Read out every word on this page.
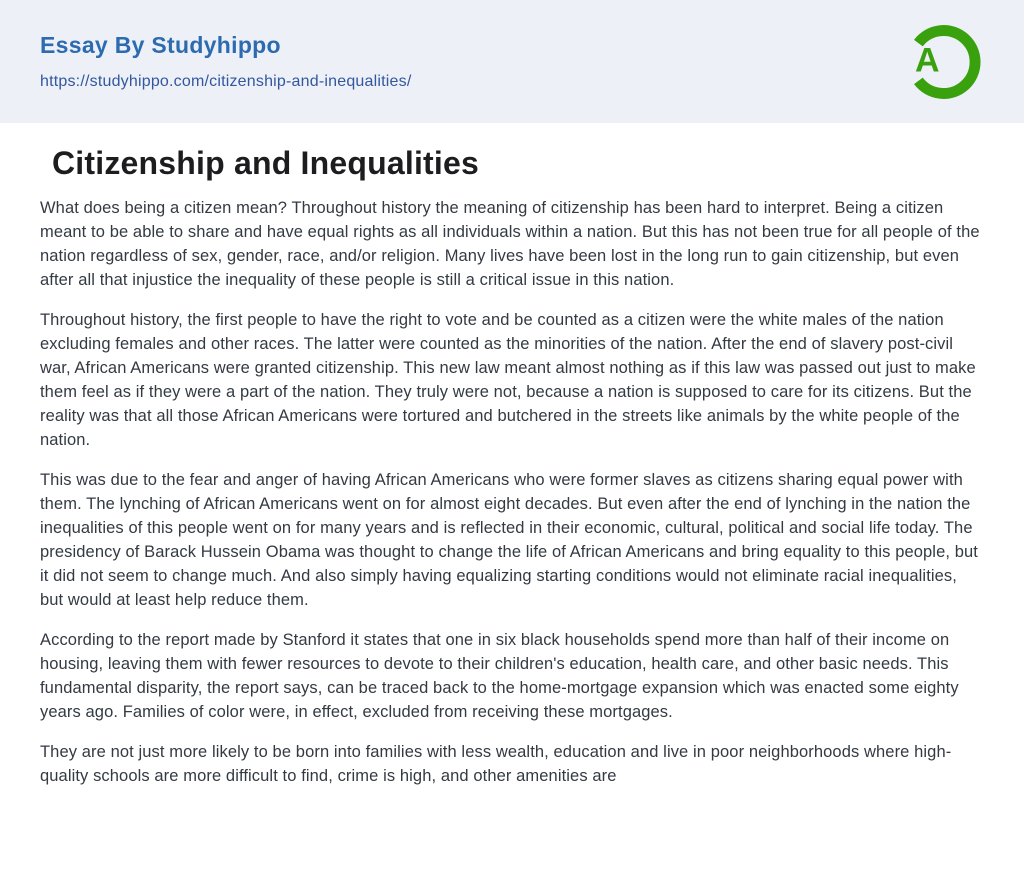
Essay By Studyhippo
https://studyhippo.com/citizenship-and-inequalities/
A
Citizenship and Inequalities

What does being a citizen mean? Throughout history the meaning of citizenship has been hard to interpret. Being a citizen meant to be able to share and have equal rights as all individuals within a nation. But this has not been true for all people of the nation regardless of sex, gender, race, and/or religion. Many lives have been lost in the long run to gain citizenship, but even after all that injustice the inequality of these people is still a critical issue in this nation.

Throughout history, the first people to have the right to vote and be counted as a citizen were the white males of the nation excluding females and other races. The latter were counted as the minorities of the nation. After the end of slavery post-civil war, African Americans were granted citizenship. This new law meant almost nothing as if this law was passed out just to make them feel as if they were a part of the nation. They truly were not, because a nation is supposed to care for its citizens. But the reality was that all those African Americans were tortured and butchered in the streets like animals by the white people of the nation.

This was due to the fear and anger of having African Americans who were former slaves as citizens sharing equal power with them. The lynching of African Americans went on for almost eight decades. But even after the end of lynching in the nation the inequalities of this people went on for many years and is reflected in their economic, cultural, political and social life today. The presidency of Barack Hussein Obama was thought to change the life of African Americans and bring equality to this people, but it did not seem to change much. And also simply having equalizing starting conditions would not eliminate racial inequalities, but would at least help reduce them.

According to the report made by Stanford it states that one in six black households spend more than half of their income on housing, leaving them with fewer resources to devote to their children's education, health care, and other basic needs. This fundamental disparity, the report says, can be traced back to the home-mortgage expansion which was enacted some eighty years ago. Families of color were, in effect, excluded from receiving these mortgages.

They are not just more likely to be born into families with less wealth, education and live in poor neighborhoods where high-quality schools are more difficult to find, crime is high, and other amenities are
